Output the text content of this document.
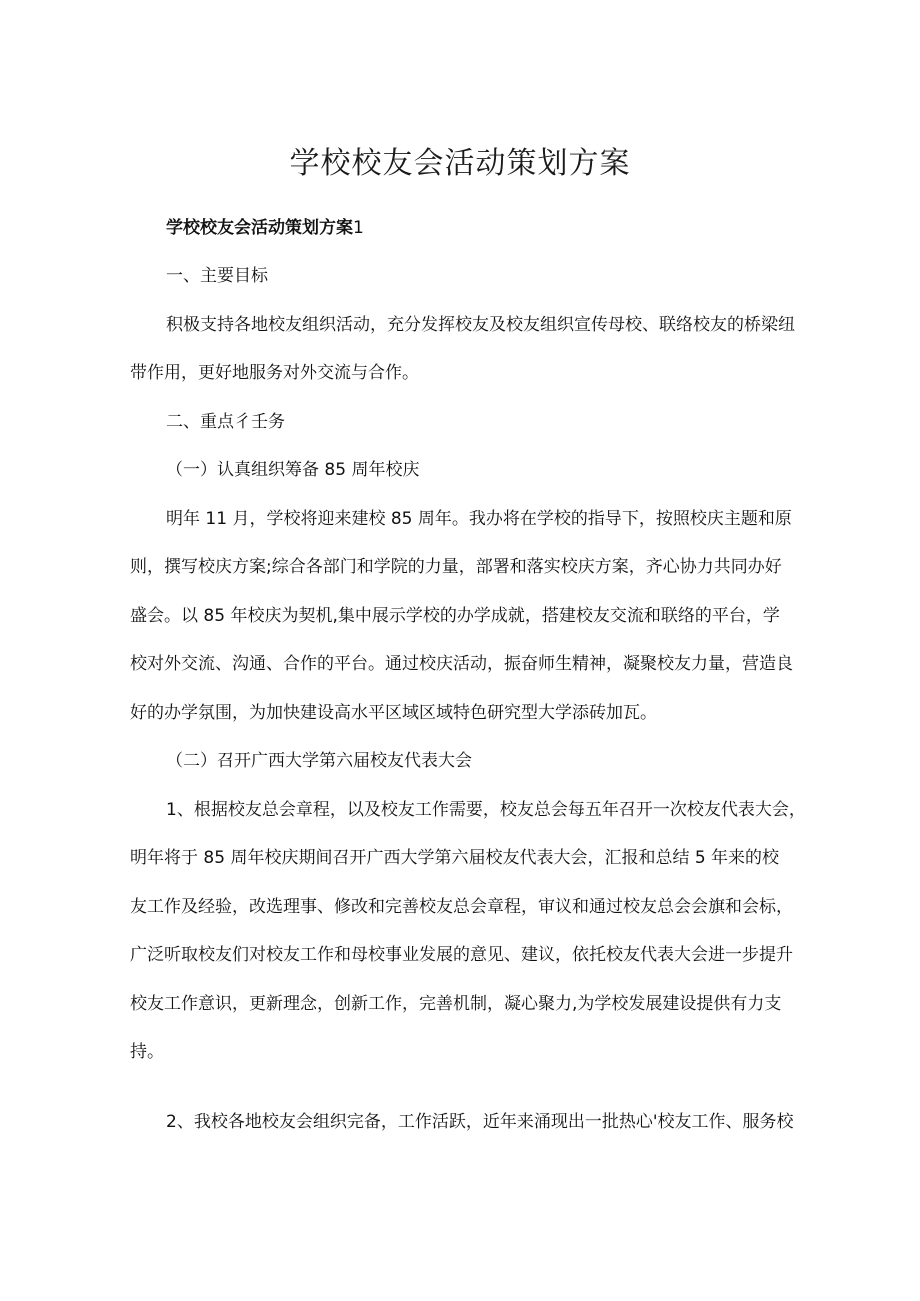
学校校友会活动策划方案

学校校友会活动策划方案1

一、主要目标

积极支持各地校友组织活动，充分发挥校友及校友组织宣传母校、联络校友的桥梁纽

带作用，更好地服务对外交流与合作。

二、重点彳壬务

（一）认真组织筹备 85 周年校庆

明年 11 月，学校将迎来建校 85 周年。我办将在学校的指导下，按照校庆主题和原

则，撰写校庆方案;综合各部门和学院的力量，部署和落实校庆方案，齐心协力共同办好

盛会。以 85 年校庆为契机,集中展示学校的办学成就，搭建校友交流和联络的平台，学

校对外交流、沟通、合作的平台。通过校庆活动，振奋师生精神，凝聚校友力量，营造良

好的办学氛围，为加快建设高水平区域区域特色研究型大学添砖加瓦。

（二）召开广西大学第六届校友代表大会

1、根据校友总会章程，以及校友工作需要，校友总会每五年召开一次校友代表大会，

明年将于 85 周年校庆期间召开广西大学第六届校友代表大会，汇报和总结 5 年来的校

友工作及经验，改选理事、修改和完善校友总会章程，审议和通过校友总会会旗和会标，

广泛听取校友们对校友工作和母校事业发展的意见、建议，依托校友代表大会进一步提升

校友工作意识，更新理念，创新工作，完善机制，凝心聚力,为学校发展建设提供有力支

持。

2、我校各地校友会组织完备，工作活跃，近年来涌现出一批热心'校友工作、服务校
